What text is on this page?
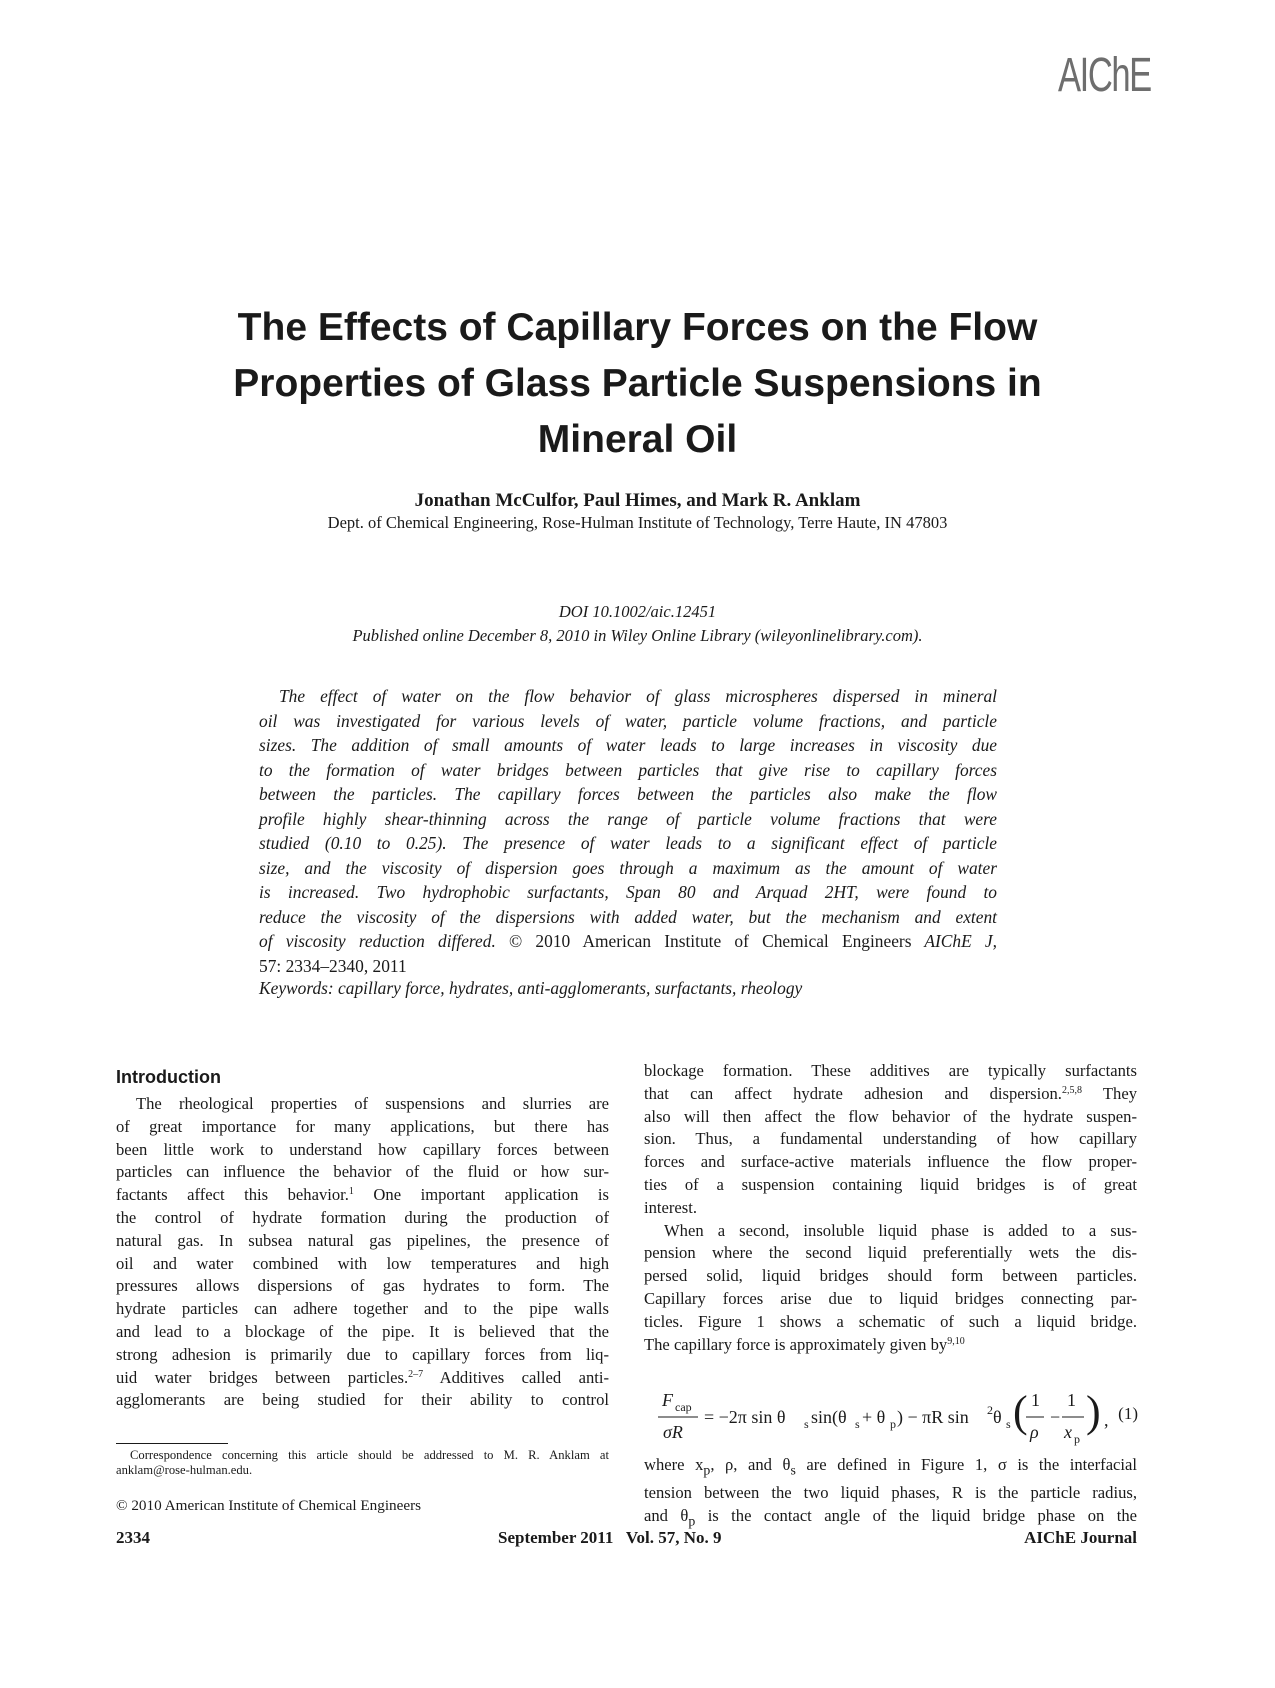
AIChE
The Effects of Capillary Forces on the Flow
Properties of Glass Particle Suspensions in
Mineral Oil
Jonathan McCulfor, Paul Himes, and Mark R. Anklam
Dept. of Chemical Engineering, Rose-Hulman Institute of Technology, Terre Haute, IN 47803
DOI 10.1002/aic.12451
Published online December 8, 2010 in Wiley Online Library (wileyonlinelibrary.com).
The effect of water on the flow behavior of glass microspheres dispersed in mineral
oil was investigated for various levels of water, particle volume fractions, and particle
sizes. The addition of small amounts of water leads to large increases in viscosity due
to the formation of water bridges between particles that give rise to capillary forces
between the particles. The capillary forces between the particles also make the flow
profile highly shear-thinning across the range of particle volume fractions that were
studied (0.10 to 0.25). The presence of water leads to a significant effect of particle
size, and the viscosity of dispersion goes through a maximum as the amount of water
is increased. Two hydrophobic surfactants, Span 80 and Arquad 2HT, were found to
reduce the viscosity of the dispersions with added water, but the mechanism and extent
of viscosity reduction differed. © 2010 American Institute of Chemical Engineers AIChE J,
57: 2334–2340, 2011
Keywords: capillary force, hydrates, anti-agglomerants, surfactants, rheology
Introduction
The rheological properties of suspensions and slurries are
of great importance for many applications, but there has
been little work to understand how capillary forces between
particles can influence the behavior of the fluid or how sur-
factants affect this behavior.$^1$ One important application is
the control of hydrate formation during the production of
natural gas. In subsea natural gas pipelines, the presence of
oil and water combined with low temperatures and high
pressures allows dispersions of gas hydrates to form. The
hydrate particles can adhere together and to the pipe walls
and lead to a blockage of the pipe. It is believed that the
strong adhesion is primarily due to capillary forces from liq-
uid water bridges between particles.$^{2-7}$ Additives called anti-
agglomerants are being studied for their ability to control
blockage formation. These additives are typically surfactants
that can affect hydrate adhesion and dispersion.$^{2,5,8}$ They
also will then affect the flow behavior of the hydrate suspen-
sion. Thus, a fundamental understanding of how capillary
forces and surface-active materials influence the flow proper-
ties of a suspension containing liquid bridges is of great
interest.
When a second, insoluble liquid phase is added to a sus-
pension where the second liquid preferentially wets the dis-
persed solid, liquid bridges should form between particles.
Capillary forces arise due to liquid bridges connecting par-
ticles. Figure 1 shows a schematic of such a liquid bridge.
The capillary force is approximately given by$^{9,10}$
where $x_p$, ρ, and $\theta_s$ are defined in Figure 1, σ is the interfacial
tension between the two liquid phases, R is the particle radius,
and $\theta_p$ is the contact angle of the liquid bridge phase on the
F cap
σR
= −2π sin θ s sin(θ s + θ p ) − πR sin 2 θ s ( 1
ρ
−
1
x p
) , (1)
Correspondence concerning this article should be addressed to M. R. Anklam at
anklam@rose-hulman.edu.
© 2010 American Institute of Chemical Engineers
2334	September 2011   Vol. 57, No. 9	AIChE Journal
